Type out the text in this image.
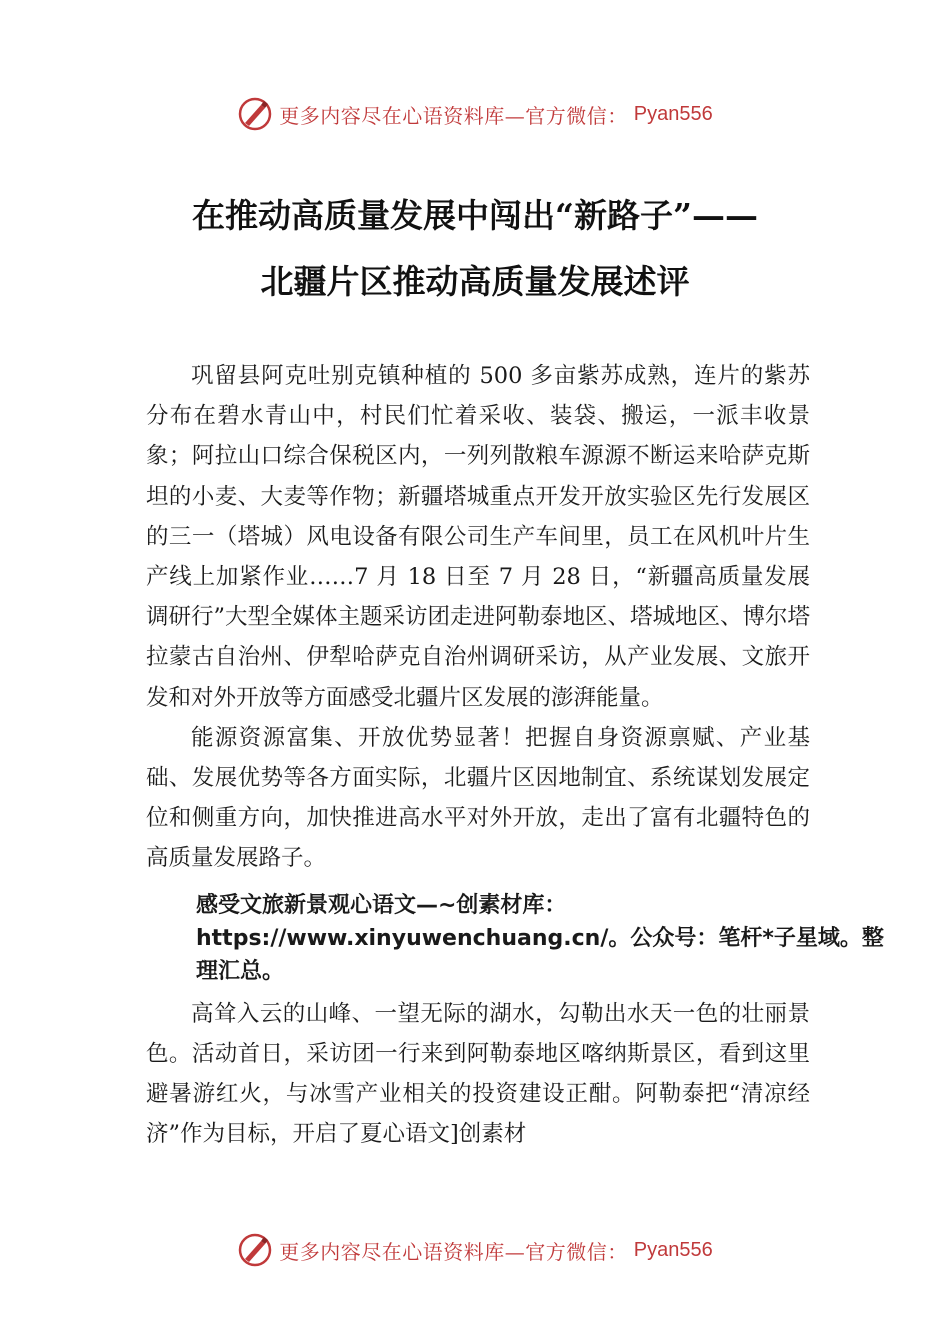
更多内容尽在心语资料库—官方微信： Pyan556
在推动高质量发展中闯出“新路子”——
北疆片区推动高质量发展述评

巩留县阿克吐别克镇种植的 500 多亩紫苏成熟，连片的紫苏分布在碧水青山中，村民们忙着采收、装袋、搬运，一派丰收景象；阿拉山口综合保税区内，一列列散粮车源源不断运来哈萨克斯坦的小麦、大麦等作物；新疆塔城重点开发开放实验区先行发展区的三一（塔城）风电设备有限公司生产车间里，员工在风机叶片生产线上加紧作业……7 月 18 日至 7 月 28 日，“新疆高质量发展调研行”大型全媒体主题采访团走进阿勒泰地区、塔城地区、博尔塔拉蒙古自治州、伊犁哈萨克自治州调研采访，从产业发展、文旅开发和对外开放等方面感受北疆片区发展的澎湃能量。

能源资源富集、开放优势显著！把握自身资源禀赋、产业基础、发展优势等各方面实际，北疆片区因地制宜、系统谋划发展定位和侧重方向，加快推进高水平对外开放，走出了富有北疆特色的高质量发展路子。

感受文旅新景观心语文—~创素材库：https://www.xinyuwenchuang.cn/。公众号：笔杆*子星域。整理汇总。

高耸入云的山峰、一望无际的湖水，勾勒出水天一色的壮丽景色。活动首日，采访团一行来到阿勒泰地区喀纳斯景区，看到这里避暑游红火，与冰雪产业相关的投资建设正酣。阿勒泰把“清凉经济”作为目标，开启了夏心语文]创素材

更多内容尽在心语资料库—官方微信： Pyan556
